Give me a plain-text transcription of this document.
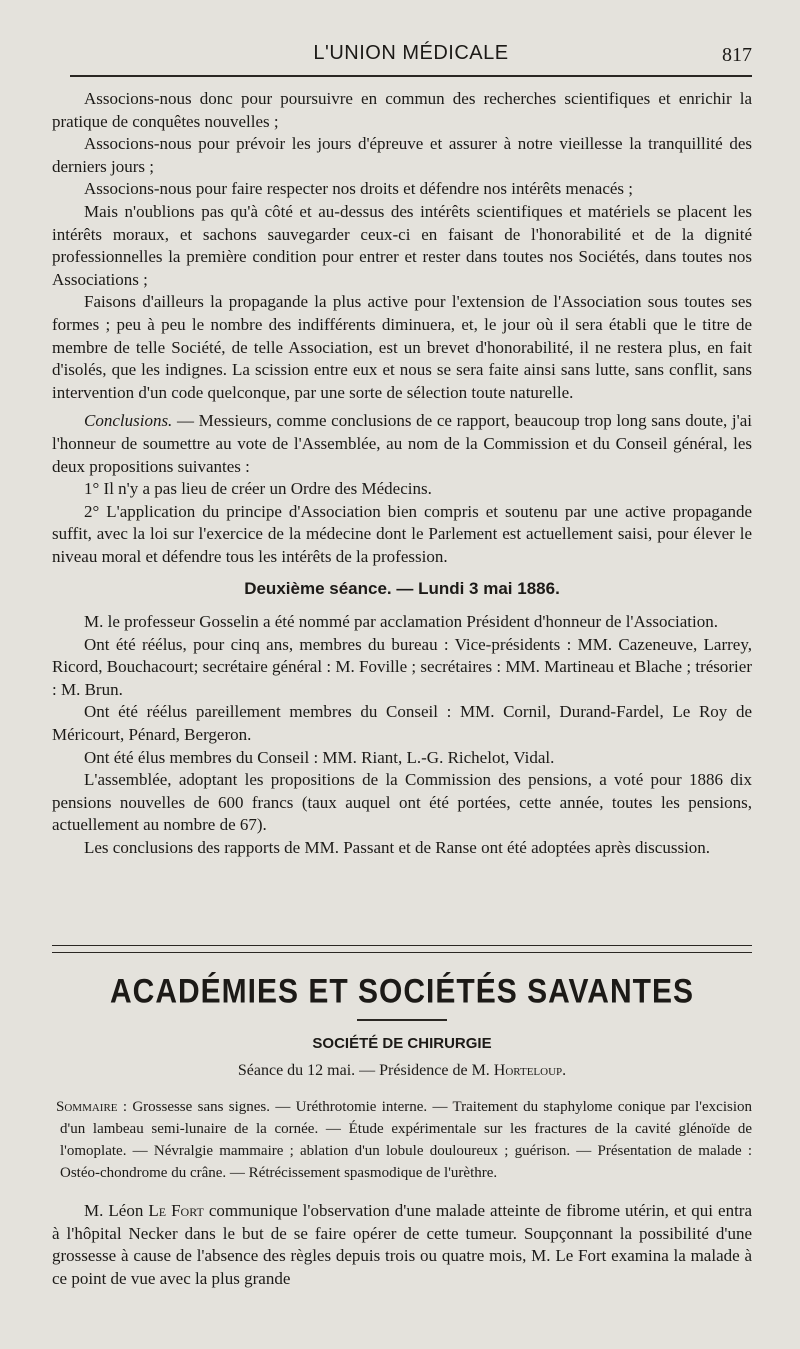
L'UNION MÉDICALE	817

Associons-nous donc pour poursuivre en commun des recherches scientifiques et enrichir la pratique de conquêtes nouvelles ;

Associons-nous pour prévoir les jours d'épreuve et assurer à notre vieillesse la tranquillité des derniers jours ;

Associons-nous pour faire respecter nos droits et défendre nos intérêts menacés ;

Mais n'oublions pas qu'à côté et au-dessus des intérêts scientifiques et matériels se placent les intérêts moraux, et sachons sauvegarder ceux-ci en faisant de l'honorabilité et de la dignité professionnelles la première condition pour entrer et rester dans toutes nos Sociétés, dans toutes nos Associations ;

Faisons d'ailleurs la propagande la plus active pour l'extension de l'Association sous toutes ses formes ; peu à peu le nombre des indifférents diminuera, et, le jour où il sera établi que le titre de membre de telle Société, de telle Association, est un brevet d'honorabilité, il ne restera plus, en fait d'isolés, que les indignes. La scission entre eux et nous se sera faite ainsi sans lutte, sans conflit, sans intervention d'un code quelconque, par une sorte de sélection toute naturelle.

Conclusions. — Messieurs, comme conclusions de ce rapport, beaucoup trop long sans doute, j'ai l'honneur de soumettre au vote de l'Assemblée, au nom de la Commission et du Conseil général, les deux propositions suivantes :

1° Il n'y a pas lieu de créer un Ordre des Médecins.

2° L'application du principe d'Association bien compris et soutenu par une active propagande suffit, avec la loi sur l'exercice de la médecine dont le Parlement est actuellement saisi, pour élever le niveau moral et défendre tous les intérêts de la profession.

Deuxième séance. — Lundi 3 mai 1886.

M. le professeur Gosselin a été nommé par acclamation Président d'honneur de l'Association.

Ont été réélus, pour cinq ans, membres du bureau : Vice-présidents : MM. Cazeneuve, Larrey, Ricord, Bouchacourt; secrétaire général : M. Foville ; secrétaires : MM. Martineau et Blache ; trésorier : M. Brun.

Ont été réélus pareillement membres du Conseil : MM. Cornil, Durand-Fardel, Le Roy de Méricourt, Pénard, Bergeron.

Ont été élus membres du Conseil : MM. Riant, L.-G. Richelot, Vidal.

L'assemblée, adoptant les propositions de la Commission des pensions, a voté pour 1886 dix pensions nouvelles de 600 francs (taux auquel ont été portées, cette année, toutes les pensions, actuellement au nombre de 67).

Les conclusions des rapports de MM. Passant et de Ranse ont été adoptées après discussion.

ACADÉMIES ET SOCIÉTÉS SAVANTES
SOCIÉTÉ DE CHIRURGIE
Séance du 12 mai. — Présidence de M. Horteloup.

Sommaire : Grossesse sans signes. — Uréthrotomie interne. — Traitement du staphylome conique par l'excision d'un lambeau semi-lunaire de la cornée. — Étude expérimentale sur les fractures de la cavité glénoïde de l'omoplate. — Névralgie mammaire ; ablation d'un lobule douloureux ; guérison. — Présentation de malade : Ostéo-chondrome du crâne. — Rétrécissement spasmodique de l'urèthre.

M. Léon Le Fort communique l'observation d'une malade atteinte de fibrome utérin, et qui entra à l'hôpital Necker dans le but de se faire opérer de cette tumeur. Soupçonnant la possibilité d'une grossesse à cause de l'absence des règles depuis trois ou quatre mois, M. Le Fort examina la malade à ce point de vue avec la plus grande
